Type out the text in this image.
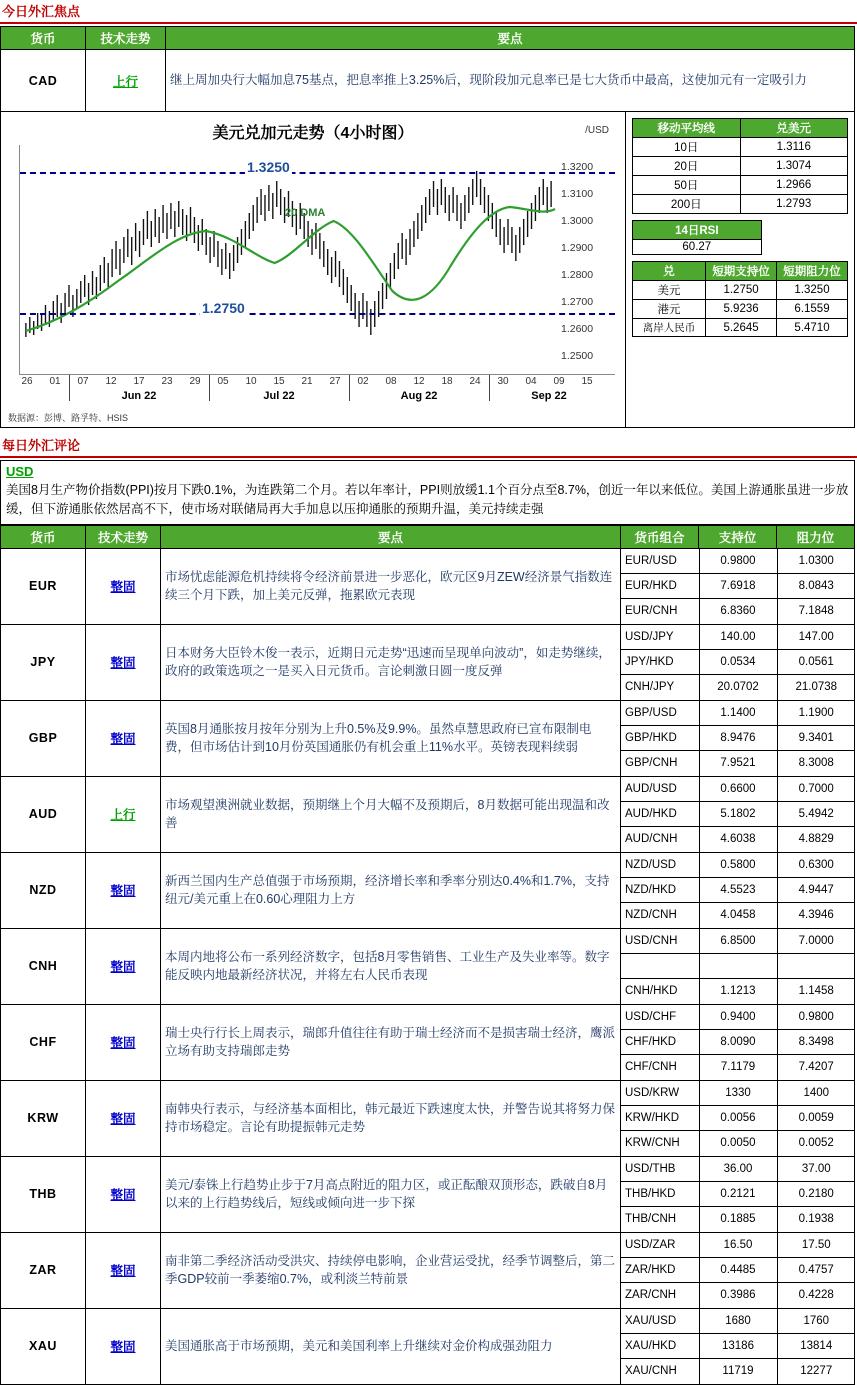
今日外汇焦点
货币	技术走势	要点
CAD	上行	继上周加央行大幅加息75基点，把息率推上3.25%后，现阶段加元息率已是七大货币中最高，这使加元有一定吸引力
美元兑加元走势（4小时图）	/USD
1.3250
1.2750
20 DMA
1.3200
1.3100
1.3000
1.2900
1.2800
1.2700
1.2600
1.2500
26 01 07 12 17 23 29 05 10 15 21 27 02 08 12 18 24 30 04 09 15
Jun 22	Jul 22	Aug 22	Sep 22
数据源：彭博、路孚特、HSIS
移动平均线	兑美元
10日	1.3116
20日	1.3074
50日	1.2966
200日	1.2793
14日RSI
60.27
兑	短期支持位	短期阻力位
美元	1.2750	1.3250
港元	5.9236	6.1559
离岸人民币	5.2645	5.4710
每日外汇评论
USD
美国8月生产物价指数(PPI)按月下跌0.1%，为连跌第二个月。若以年率计，PPI则放缓1.1个百分点至8.7%，创近一年以来低位。美国上游通胀虽进一步放缓，但下游通胀依然居高不下，使市场对联储局再大手加息以压抑通胀的预期升温，美元持续走强
货币	技术走势	要点	货币组合	支持位	阻力位
EUR	整固	市场忧虑能源危机持续将令经济前景进一步恶化，欧元区9月ZEW经济景气指数连续三个月下跌，加上美元反弹，拖累欧元表现	
EUR/USD	0.9800	1.0300
EUR/HKD	7.6918	8.0843
EUR/CNH	6.8360	7.1848

JPY	整固	日本财务大臣铃木俊一表示，近期日元走势“迅速而呈现单向波动”，如走势继续，政府的政策选项之一是买入日元货币。言论刺激日圆一度反弹	
USD/JPY	140.00	147.00
JPY/HKD	0.0534	0.0561
CNH/JPY	20.0702	21.0738

GBP	整固	英国8月通胀按月按年分别为上升0.5%及9.9%。虽然卓慧思政府已宣布限制电费，但市场估计到10月份英国通胀仍有机会重上11%水平。英镑表现料续弱	
GBP/USD	1.1400	1.1900
GBP/HKD	8.9476	9.3401
GBP/CNH	7.9521	8.3008

AUD	上行	市场观望澳洲就业数据，预期继上个月大幅不及预期后，8月数据可能出现温和改善	
AUD/USD	0.6600	0.7000
AUD/HKD	5.1802	5.4942
AUD/CNH	4.6038	4.8829

NZD	整固	新西兰国内生产总值强于市场预期，经济增长率和季率分别达0.4%和1.7%，支持纽元/美元重上在0.60心理阻力上方	
NZD/USD	0.5800	0.6300
NZD/HKD	4.5523	4.9447
NZD/CNH	4.0458	4.3946

CNH	整固	本周内地将公布一系列经济数字，包括8月零售销售、工业生产及失业率等。数字能反映内地最新经济状况，并将左右人民币表现	
USD/CNH	6.8500	7.0000

CNH/HKD	1.1213	1.1458

CHF	整固	瑞士央行行长上周表示，瑞郎升值往往有助于瑞士经济而不是损害瑞士经济，鹰派立场有助支持瑞郎走势	
USD/CHF	0.9400	0.9800
CHF/HKD	8.0090	8.3498
CHF/CNH	7.1179	7.4207

KRW	整固	南韩央行表示，与经济基本面相比，韩元最近下跌速度太快，并警告说其将努力保持市场稳定。言论有助提振韩元走势	
USD/KRW	1330	1400
KRW/HKD	0.0056	0.0059
KRW/CNH	0.0050	0.0052

THB	整固	美元/泰铢上行趋势止步于7月高点附近的阻力区，或正酝酿双顶形态，跌破自8月以来的上行趋势线后，短线或倾向进一步下探	
USD/THB	36.00	37.00
THB/HKD	0.2121	0.2180
THB/CNH	0.1885	0.1938

ZAR	整固	南非第二季经济活动受洪灾、持续停电影响，企业营运受扰，经季节调整后，第二季GDP较前一季萎缩0.7%，或利淡兰特前景	
USD/ZAR	16.50	17.50
ZAR/HKD	0.4485	0.4757
ZAR/CNH	0.3986	0.4228

XAU	整固	美国通胀高于市场预期，美元和美国利率上升继续对金价构成强劲阻力	
XAU/USD	1680	1760
XAU/HKD	13186	13814
XAU/CNH	11719	12277
